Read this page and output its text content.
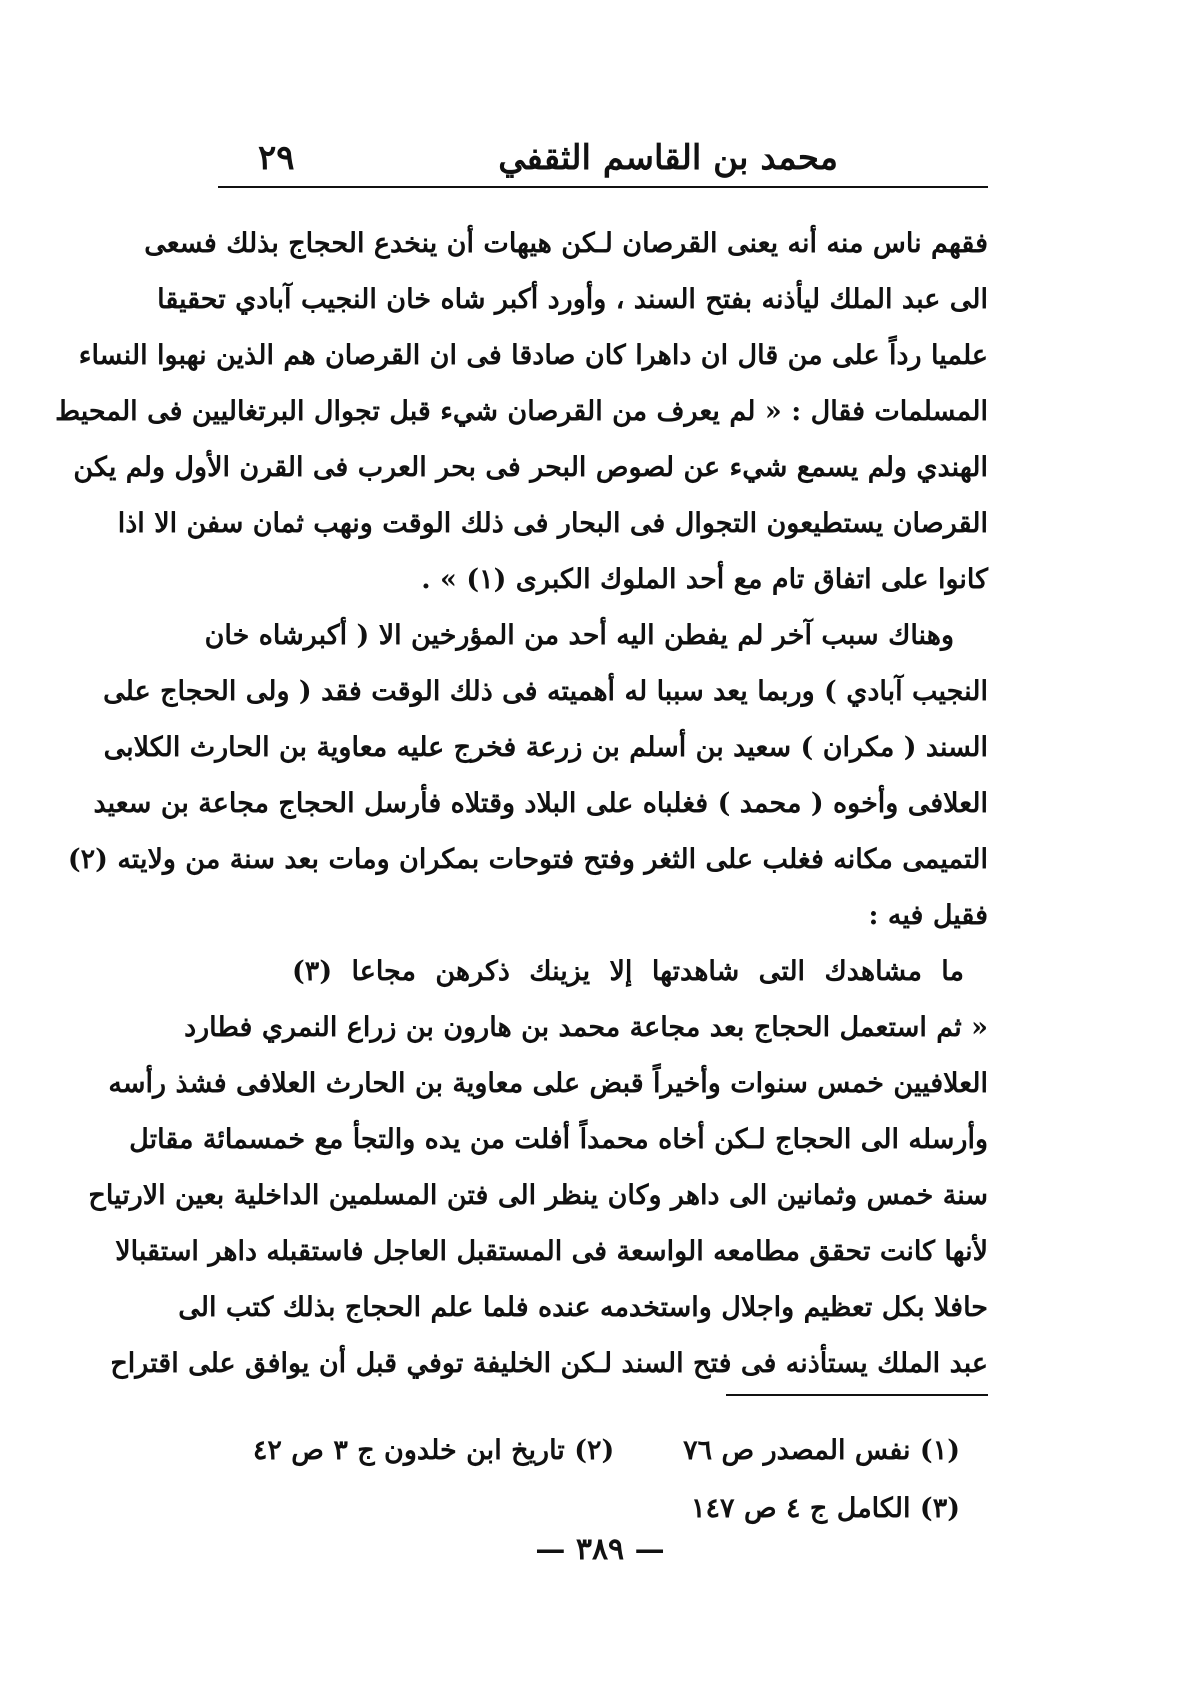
٢٩	محمد بن القاسم الثقفي
فقهم ناس منه أنه يعنى القرصان لـكن هيهات أن ينخدع الحجاج بذلك فسعى
الى عبد الملك ليأذنه بفتح السند ، وأورد أكبر شاه خان النجيب آبادي تحقيقا
علميا رداً على من قال ان داهرا كان صادقا فى ان القرصان هم الذين نهبوا النساء
المسلمات فقال : « لم يعرف من القرصان شيء قبل تجوال البرتغاليين فى المحيط
الهندي ولم يسمع شيء عن لصوص البحر فى بحر العرب فى القرن الأول ولم يكن
القرصان يستطيعون التجوال فى البحار فى ذلك الوقت ونهب ثمان سفن الا اذا
كانوا على اتفاق تام مع أحد الملوك الكبرى (١) » .
وهناك سبب آخر لم يفطن اليه أحد من المؤرخين الا ( أكبرشاه خان
النجيب آبادي ) وربما يعد سببا له أهميته فى ذلك الوقت فقد ( ولى الحجاج على
السند ( مكران ) سعيد بن أسلم بن زرعة فخرج عليه معاوية بن الحارث الكلابى
العلافى وأخوه ( محمد ) فغلباه على البلاد وقتلاه فأرسل الحجاج مجاعة بن سعيد
التميمى مكانه فغلب على الثغر وفتح فتوحات بمكران ومات بعد سنة من ولايته (٢)
فقيل فيه :
ما مشاهدك التى شاهدتها إلا يزينك ذكرهن مجاعا (٣)
« ثم استعمل الحجاج بعد مجاعة محمد بن هارون بن زراع النمري فطارد
العلافيين خمس سنوات وأخيراً قبض على معاوية بن الحارث العلافى فشذ رأسه
وأرسله الى الحجاج لـكن أخاه محمداً أفلت من يده والتجأ مع خمسمائة مقاتل
سنة خمس وثمانين الى داهر وكان ينظر الى فتن المسلمين الداخلية بعين الارتياح
لأنها كانت تحقق مطامعه الواسعة فى المستقبل العاجل فاستقبله داهر استقبالا
حافلا بكل تعظيم واجلال واستخدمه عنده فلما علم الحجاج بذلك كتب الى
عبد الملك يستأذنه فى فتح السند لـكن الخليفة توفي قبل أن يوافق على اقتراح
(١) نفس المصدر ص ٧٦  (٢) تاريخ ابن خلدون ج ٣ ص ٤٢
(٣) الكامل ج ٤ ص ١٤٧
— ٣٨٩ —
